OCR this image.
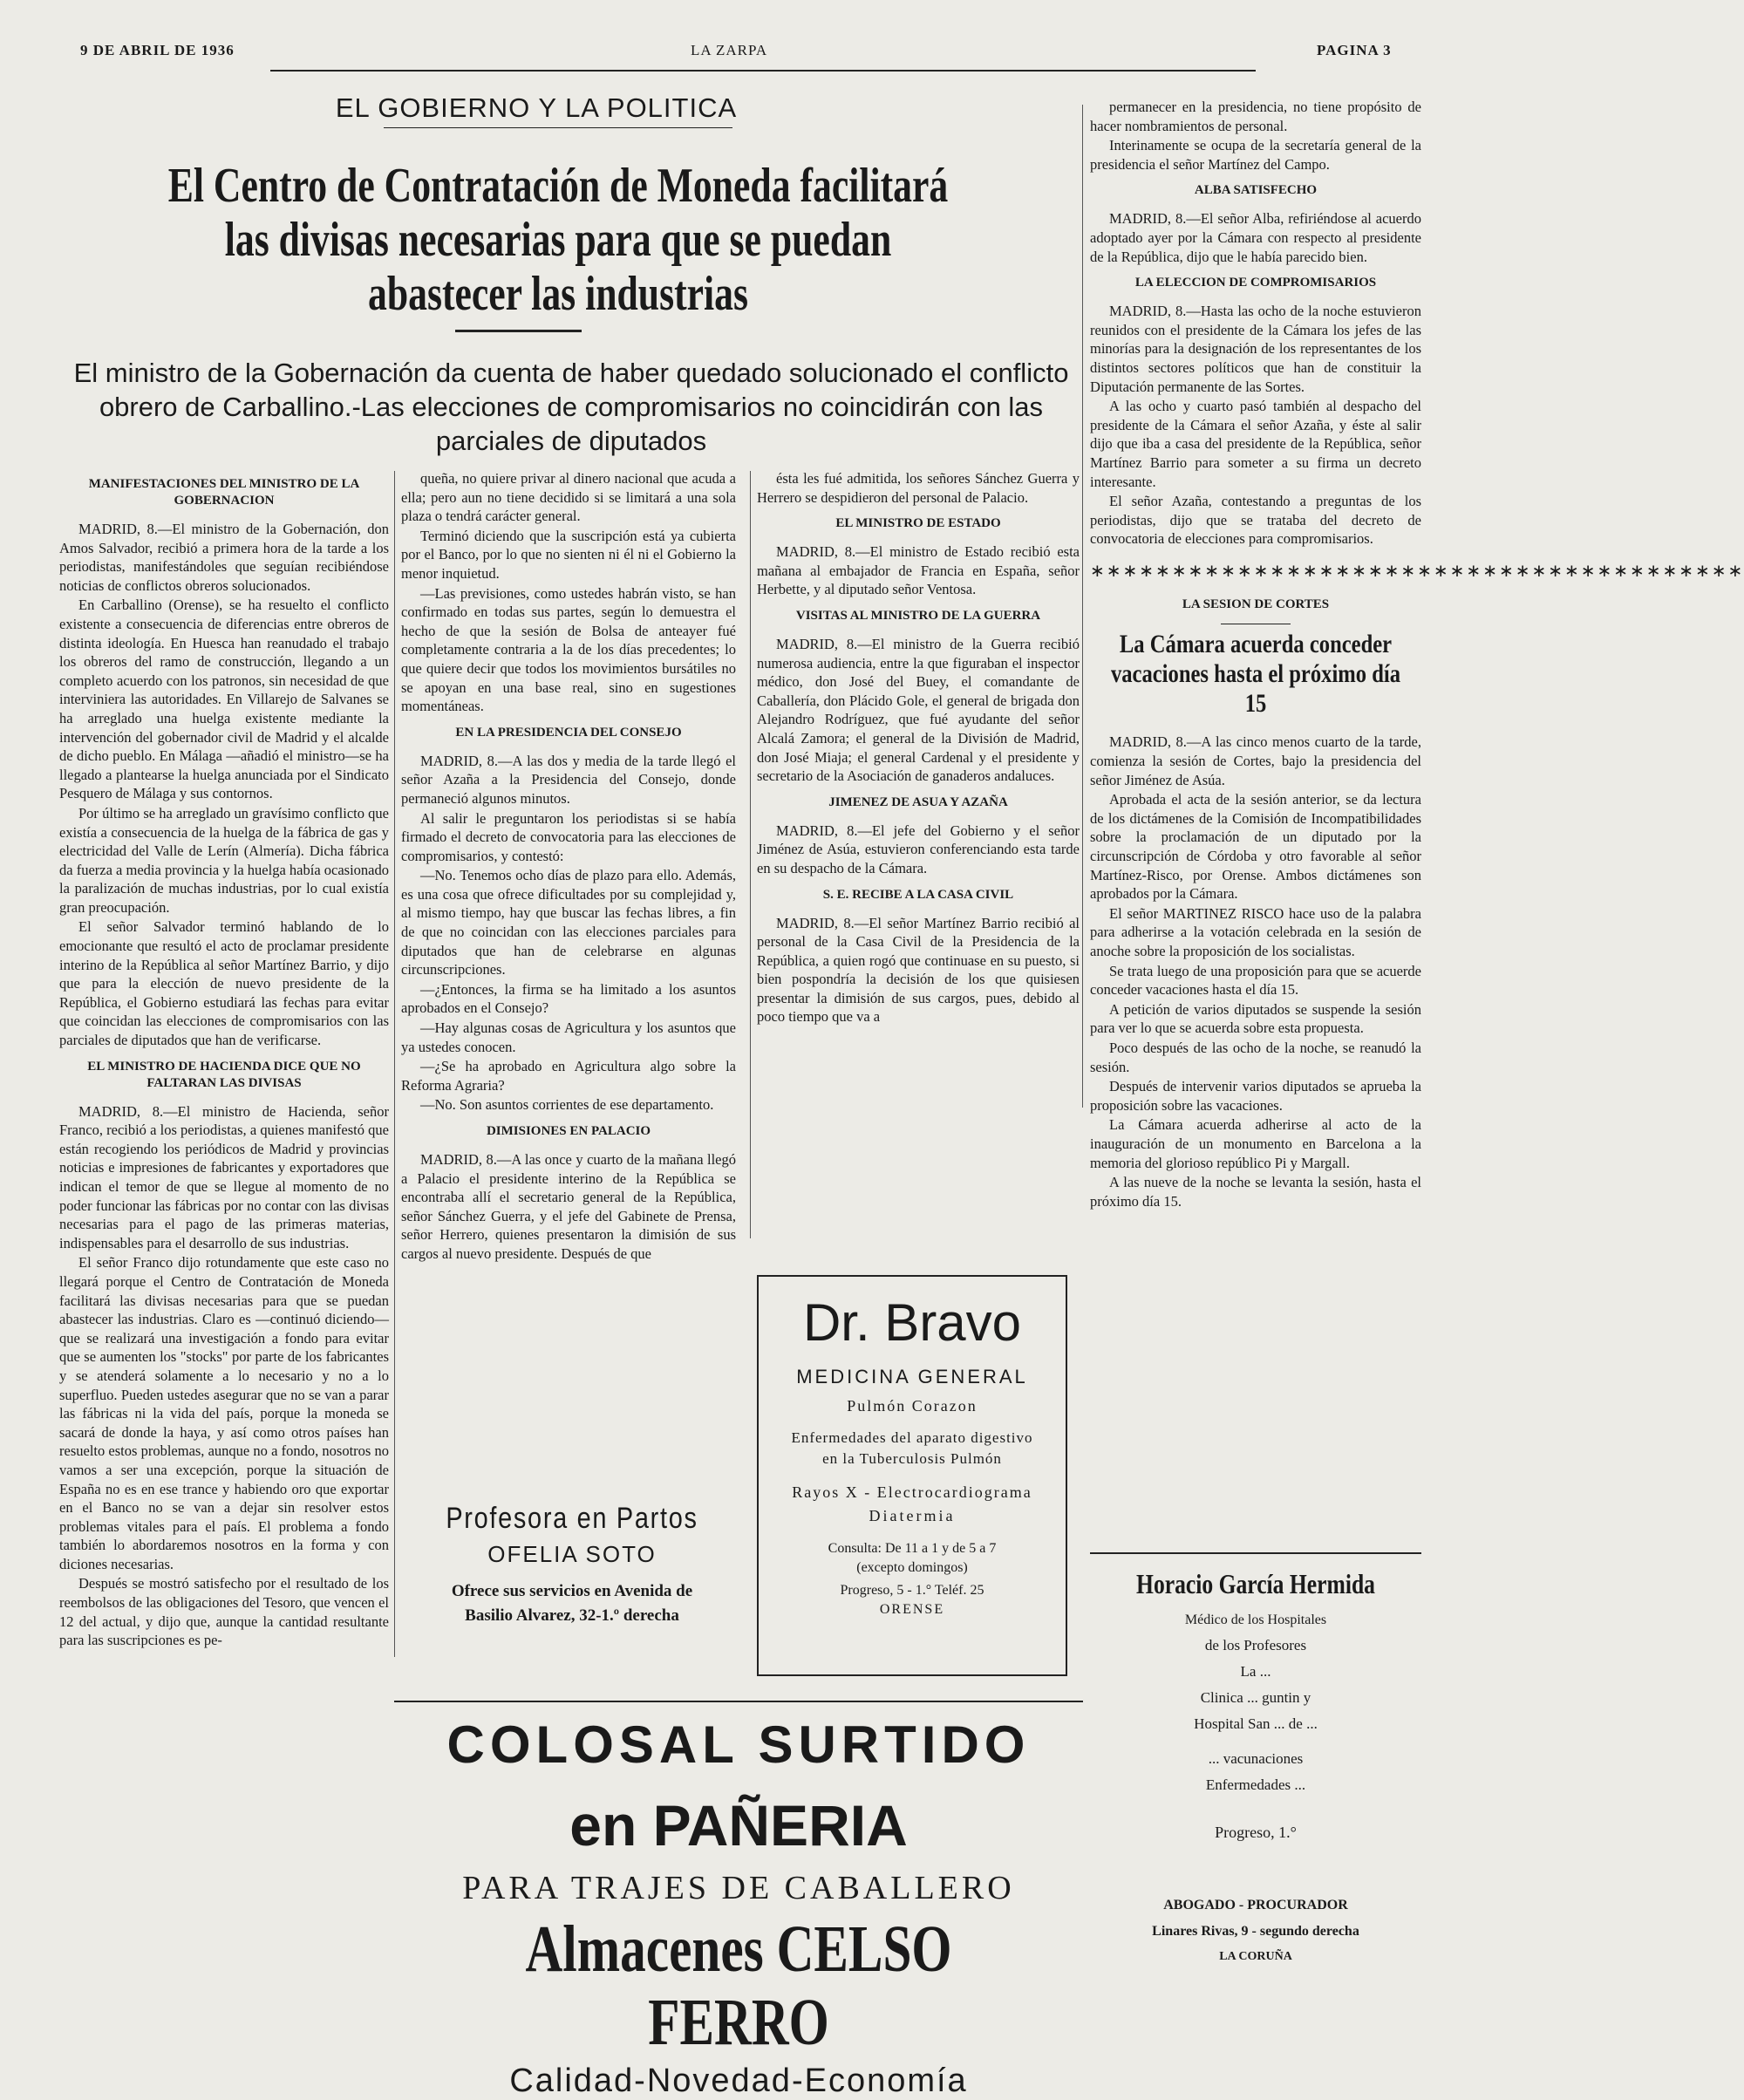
9 DE ABRIL DE 1936	LA ZARPA	PAGINA 3
EL GOBIERNO Y LA POLITICA
El Centro de Contratación de Moneda facilitará las divisas necesarias para que se puedan abastecer las industrias
El ministro de la Gobernación da cuenta de haber quedado solucionado el conflicto obrero de Carballino.-Las elecciones de compromisarios no coincidirán con las parciales de diputados
MANIFESTACIONES DEL MINISTRO DE LA GOBERNACION

MADRID, 8.—El ministro de la Gobernación, don Amos Salvador, recibió a primera hora de la tarde a los periodistas, manifestándoles que seguían recibiéndose noticias de conflictos obreros solucionados.

En Carballino (Orense), se ha resuelto el conflicto existente a consecuencia de diferencias entre obreros de distinta ideología. En Huesca han reanudado el trabajo los obreros del ramo de construcción, llegando a un completo acuerdo con los patronos, sin necesidad de que interviniera las autoridades. En Villarejo de Salvanes se ha arreglado una huelga existente mediante la intervención del gobernador civil de Madrid y el alcalde de dicho pueblo. En Málaga —añadió el ministro—se ha llegado a plantearse la huelga anunciada por el Sindicato Pesquero de Málaga y sus contornos.

Por último se ha arreglado un gravísimo conflicto que existía a consecuencia de la huelga de la fábrica de gas y electricidad del Valle de Lerín (Almería). Dicha fábrica da fuerza a media provincia y la huelga había ocasionado la paralización de muchas industrias, por lo cual existía gran preocupación.

El señor Salvador terminó hablando de lo emocionante que resultó el acto de proclamar presidente interino de la República al señor Martínez Barrio, y dijo que para la elección de nuevo presidente de la República, el Gobierno estudiará las fechas para evitar que coincidan las elecciones de compromisarios con las parciales de diputados que han de verificarse.

EL MINISTRO DE HACIENDA DICE QUE NO FALTARAN LAS DIVISAS

MADRID, 8.—El ministro de Hacienda, señor Franco, recibió a los periodistas, a quienes manifestó que están recogiendo los periódicos de Madrid y provincias noticias e impresiones de fabricantes y exportadores que indican el temor de que se llegue al momento de no poder funcionar las fábricas por no contar con las divisas necesarias para el pago de las primeras materias, indispensables para el desarrollo de sus industrias.

El señor Franco dijo rotundamente que este caso no llegará porque el Centro de Contratación de Moneda facilitará las divisas necesarias para que se puedan abastecer las industrias. Claro es —continuó diciendo—que se realizará una investigación a fondo para evitar que se aumenten los "stocks" por parte de los fabricantes y se atenderá solamente a lo necesario y no a lo superfluo. Pueden ustedes asegurar que no se van a parar las fábricas ni la vida del país, porque la moneda se sacará de donde la haya, y así como otros países han resuelto estos problemas, aunque no a fondo, nosotros no vamos a ser una excepción, porque la situación de España no es en ese trance y habiendo oro que exportar en el Banco no se van a dejar sin resolver estos problemas vitales para el país. El problema a fondo también lo abordaremos nosotros en la forma y con diciones necesarias.

Después se mostró satisfecho por el resultado de los reembolsos de las obligaciones del Tesoro, que vencen el 12 del actual, y dijo que, aunque la cantidad resultante para las suscripciones es pe-

queña, no quiere privar al dinero nacional que acuda a ella; pero aun no tiene decidido si se limitará a una sola plaza o tendrá carácter general.

Terminó diciendo que la suscripción está ya cubierta por el Banco, por lo que no sienten ni él ni el Gobierno la menor inquietud.

—Las previsiones, como ustedes habrán visto, se han confirmado en todas sus partes, según lo demuestra el hecho de que la sesión de Bolsa de anteayer fué completamente contraria a la de los días precedentes; lo que quiere decir que todos los movimientos bursátiles no se apoyan en una base real, sino en sugestiones momentáneas.

EN LA PRESIDENCIA DEL CONSEJO

MADRID, 8.—A las dos y media de la tarde llegó el señor Azaña a la Presidencia del Consejo, donde permaneció algunos minutos.

Al salir le preguntaron los periodistas si se había firmado el decreto de convocatoria para las elecciones de compromisarios, y contestó:

—No. Tenemos ocho días de plazo para ello. Además, es una cosa que ofrece dificultades por su complejidad y, al mismo tiempo, hay que buscar las fechas libres, a fin de que no coincidan con las elecciones parciales para diputados que han de celebrarse en algunas circunscripciones.

—¿Entonces, la firma se ha limitado a los asuntos aprobados en el Consejo?

—Hay algunas cosas de Agricultura y los asuntos que ya ustedes conocen.

—¿Se ha aprobado en Agricultura algo sobre la Reforma Agraria?

—No. Son asuntos corrientes de ese departamento.

DIMISIONES EN PALACIO

MADRID, 8.—A las once y cuarto de la mañana llegó a Palacio el presidente interino de la República se encontraba allí el secretario general de la República, señor Sánchez Guerra, y el jefe del Gabinete de Prensa, señor Herrero, quienes presentaron la dimisión de sus cargos al nuevo presidente. Después de que

ésta les fué admitida, los señores Sánchez Guerra y Herrero se despidieron del personal de Palacio.

EL MINISTRO DE ESTADO

MADRID, 8.—El ministro de Estado recibió esta mañana al embajador de Francia en España, señor Herbette, y al diputado señor Ventosa.

VISITAS AL MINISTRO DE LA GUERRA

MADRID, 8.—El ministro de la Guerra recibió numerosa audiencia, entre la que figuraban el inspector médico, don José del Buey, el comandante de Caballería, don Plácido Gole, el general de brigada don Alejandro Rodríguez, que fué ayudante del señor Alcalá Zamora; el general de la División de Madrid, don José Miaja; el general Cardenal y el presidente y secretario de la Asociación de ganaderos andaluces.

JIMENEZ DE ASUA Y AZAÑA

MADRID, 8.—El jefe del Gobierno y el señor Jiménez de Asúa, estuvieron conferenciando esta tarde en su despacho de la Cámara.

S. E. RECIBE A LA CASA CIVIL

MADRID, 8.—El señor Martínez Barrio recibió al personal de la Casa Civil de la Presidencia de la República, a quien rogó que continuase en su puesto, si bien pospondría la decisión de los que quisiesen presentar la dimisión de sus cargos, pues, debido al poco tiempo que va a

permanecer en la presidencia, no tiene propósito de hacer nombramientos de personal.

Interinamente se ocupa de la secretaría general de la presidencia el señor Martínez del Campo.

ALBA SATISFECHO

MADRID, 8.—El señor Alba, refiriéndose al acuerdo adoptado ayer por la Cámara con respecto al presidente de la República, dijo que le había parecido bien.

LA ELECCION DE COMPROMISARIOS

MADRID, 8.—Hasta las ocho de la noche estuvieron reunidos con el presidente de la Cámara los jefes de las minorías para la designación de los representantes de los distintos sectores políticos que han de constituir la Diputación permanente de las Sortes.

A las ocho y cuarto pasó también al despacho del presidente de la Cámara el señor Azaña, y éste al salir dijo que iba a casa del presidente de la República, señor Martínez Barrio para someter a su firma un decreto interesante.

El señor Azaña, contestando a preguntas de los periodistas, dijo que se trataba del decreto de convocatoria de elecciones para compromisarios.

∗∗∗∗∗∗∗∗∗∗∗∗∗∗∗∗∗∗∗∗∗∗∗∗∗∗∗∗∗∗∗∗∗∗∗∗∗∗∗∗
LA SESION DE CORTES
La Cámara acuerda conceder vacaciones hasta el próximo día 15

MADRID, 8.—A las cinco menos cuarto de la tarde, comienza la sesión de Cortes, bajo la presidencia del señor Jiménez de Asúa.

Aprobada el acta de la sesión anterior, se da lectura de los dictámenes de la Comisión de Incompatibilidades sobre la proclamación de un diputado por la circunscripción de Córdoba y otro favorable al señor Martínez-Risco, por Orense. Ambos dictámenes son aprobados por la Cámara.

El señor MARTINEZ RISCO hace uso de la palabra para adherirse a la votación celebrada en la sesión de anoche sobre la proposición de los socialistas.

Se trata luego de una proposición para que se acuerde conceder vacaciones hasta el día 15.

A petición de varios diputados se suspende la sesión para ver lo que se acuerda sobre esta propuesta.

Poco después de las ocho de la noche, se reanudó la sesión.

Después de intervenir varios diputados se aprueba la proposición sobre las vacaciones.

La Cámara acuerda adherirse al acto de la inauguración de un monumento en Barcelona a la memoria del glorioso repúblico Pi y Margall.

A las nueve de la noche se levanta la sesión, hasta el próximo día 15.

Dr. Bravo
MEDICINA GENERAL
Pulmón Corazon
Enfermedades del aparato digestivo
en la Tuberculosis Pulmón
Rayos X - Electrocardiograma
Diatermia
Consulta: De 11 a 1 y de 5 a 7
(excepto domingos)
Progreso, 5 - 1.° Teléf. 25
ORENSE
Profesora en Partos
OFELIA SOTO
Ofrece sus servicios en Avenida de
Basilio Alvarez, 32-1.º derecha
COLOSAL SURTIDO
en PAÑERIA
PARA TRAJES DE CABALLERO
Almacenes CELSO FERRO
Calidad-Novedad-Economía
Horacio García Hermida
Médico de los Hospitales
de los Profesores
La ...
Clinica ... guntin y
Hospital San ... de ...
... vacunaciones
Enfermedades ...
Progreso, 1.°
ABOGADO - PROCURADOR
Linares Rivas, 9 - segundo derecha
LA CORUÑA
